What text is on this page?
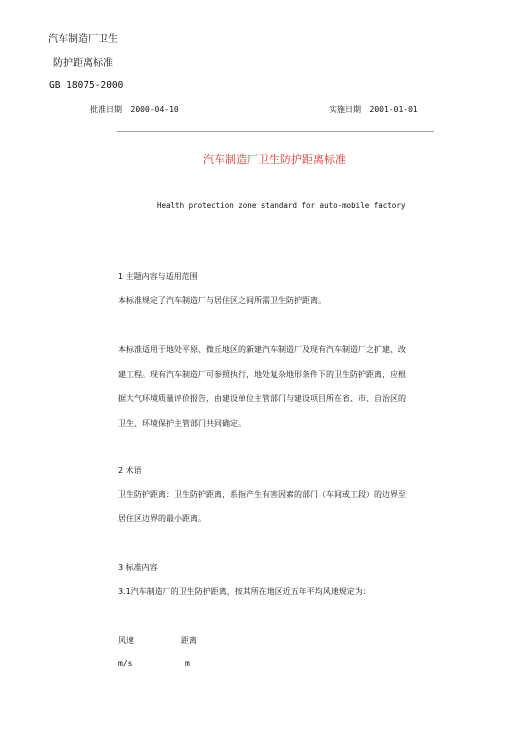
汽车制造厂卫生
防护距离标准
GB 18075-2000
批准日期 2000-04-10	实施日期 2001-01-01
汽车制造厂卫生防护距离标准
Health protection zone standard for auto-mobile factory
1 主题内容与适用范围
本标准规定了汽车制造厂与居住区之间所需卫生防护距离。
本标准适用于地处平原、微丘地区的新建汽车制造厂及现有汽车制造厂之扩建、改
建工程。现有汽车制造厂可参照执行，地处复杂地形条件下的卫生防护距离，应根
据大气环境质量评价报告，由建设单位主管部门与建设项目所在省、市、自治区的
卫生、环境保护主管部门共同确定。
2 术语
卫生防护距离：卫生防护距离，系指产生有害因素的部门（车间或工段）的边界至
居住区边界的最小距离。
3 标准内容
3.1汽车制造厂的卫生防护距离，按其所在地区近五年平均风速规定为：
风速	距离
m/s	m
